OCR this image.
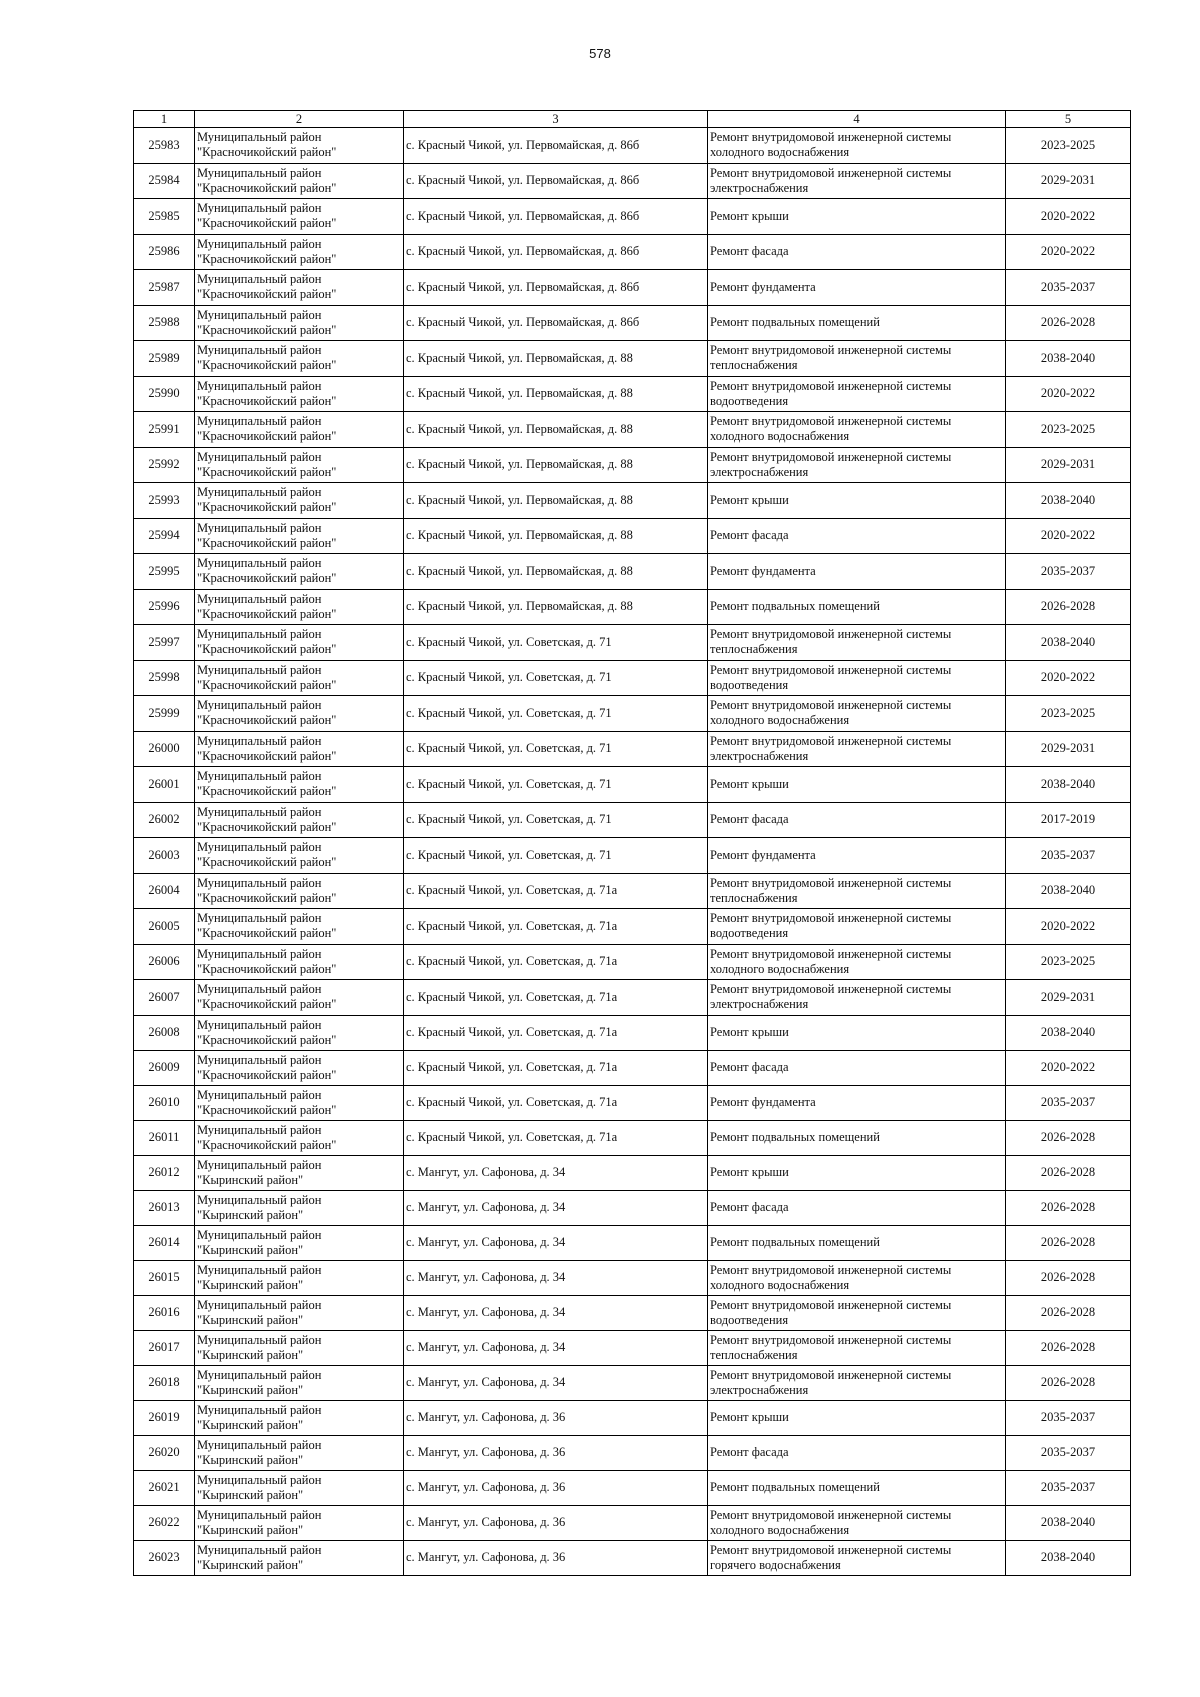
578
1	2	3	4	5
25983	Муниципальный район
"Красночикойский район"	с. Красный Чикой, ул. Первомайская, д. 86б	Ремонт внутридомовой инженерной системы
холодного водоснабжения	2023-2025
25984	Муниципальный район
"Красночикойский район"	с. Красный Чикой, ул. Первомайская, д. 86б	Ремонт внутридомовой инженерной системы
электроснабжения	2029-2031
25985	Муниципальный район
"Красночикойский район"	с. Красный Чикой, ул. Первомайская, д. 86б	Ремонт крыши	2020-2022
25986	Муниципальный район
"Красночикойский район"	с. Красный Чикой, ул. Первомайская, д. 86б	Ремонт фасада	2020-2022
25987	Муниципальный район
"Красночикойский район"	с. Красный Чикой, ул. Первомайская, д. 86б	Ремонт фундамента	2035-2037
25988	Муниципальный район
"Красночикойский район"	с. Красный Чикой, ул. Первомайская, д. 86б	Ремонт подвальных помещений	2026-2028
25989	Муниципальный район
"Красночикойский район"	с. Красный Чикой, ул. Первомайская, д. 88	Ремонт внутридомовой инженерной системы
теплоснабжения	2038-2040
25990	Муниципальный район
"Красночикойский район"	с. Красный Чикой, ул. Первомайская, д. 88	Ремонт внутридомовой инженерной системы
водоотведения	2020-2022
25991	Муниципальный район
"Красночикойский район"	с. Красный Чикой, ул. Первомайская, д. 88	Ремонт внутридомовой инженерной системы
холодного водоснабжения	2023-2025
25992	Муниципальный район
"Красночикойский район"	с. Красный Чикой, ул. Первомайская, д. 88	Ремонт внутридомовой инженерной системы
электроснабжения	2029-2031
25993	Муниципальный район
"Красночикойский район"	с. Красный Чикой, ул. Первомайская, д. 88	Ремонт крыши	2038-2040
25994	Муниципальный район
"Красночикойский район"	с. Красный Чикой, ул. Первомайская, д. 88	Ремонт фасада	2020-2022
25995	Муниципальный район
"Красночикойский район"	с. Красный Чикой, ул. Первомайская, д. 88	Ремонт фундамента	2035-2037
25996	Муниципальный район
"Красночикойский район"	с. Красный Чикой, ул. Первомайская, д. 88	Ремонт подвальных помещений	2026-2028
25997	Муниципальный район
"Красночикойский район"	с. Красный Чикой, ул. Советская, д. 71	Ремонт внутридомовой инженерной системы
теплоснабжения	2038-2040
25998	Муниципальный район
"Красночикойский район"	с. Красный Чикой, ул. Советская, д. 71	Ремонт внутридомовой инженерной системы
водоотведения	2020-2022
25999	Муниципальный район
"Красночикойский район"	с. Красный Чикой, ул. Советская, д. 71	Ремонт внутридомовой инженерной системы
холодного водоснабжения	2023-2025
26000	Муниципальный район
"Красночикойский район"	с. Красный Чикой, ул. Советская, д. 71	Ремонт внутридомовой инженерной системы
электроснабжения	2029-2031
26001	Муниципальный район
"Красночикойский район"	с. Красный Чикой, ул. Советская, д. 71	Ремонт крыши	2038-2040
26002	Муниципальный район
"Красночикойский район"	с. Красный Чикой, ул. Советская, д. 71	Ремонт фасада	2017-2019
26003	Муниципальный район
"Красночикойский район"	с. Красный Чикой, ул. Советская, д. 71	Ремонт фундамента	2035-2037
26004	Муниципальный район
"Красночикойский район"	с. Красный Чикой, ул. Советская, д. 71а	Ремонт внутридомовой инженерной системы
теплоснабжения	2038-2040
26005	Муниципальный район
"Красночикойский район"	с. Красный Чикой, ул. Советская, д. 71а	Ремонт внутридомовой инженерной системы
водоотведения	2020-2022
26006	Муниципальный район
"Красночикойский район"	с. Красный Чикой, ул. Советская, д. 71а	Ремонт внутридомовой инженерной системы
холодного водоснабжения	2023-2025
26007	Муниципальный район
"Красночикойский район"	с. Красный Чикой, ул. Советская, д. 71а	Ремонт внутридомовой инженерной системы
электроснабжения	2029-2031
26008	Муниципальный район
"Красночикойский район"	с. Красный Чикой, ул. Советская, д. 71а	Ремонт крыши	2038-2040
26009	Муниципальный район
"Красночикойский район"	с. Красный Чикой, ул. Советская, д. 71а	Ремонт фасада	2020-2022
26010	Муниципальный район
"Красночикойский район"	с. Красный Чикой, ул. Советская, д. 71а	Ремонт фундамента	2035-2037
26011	Муниципальный район
"Красночикойский район"	с. Красный Чикой, ул. Советская, д. 71а	Ремонт подвальных помещений	2026-2028
26012	Муниципальный район
"Кыринский район"	с. Мангут, ул. Сафонова, д. 34	Ремонт крыши	2026-2028
26013	Муниципальный район
"Кыринский район"	с. Мангут, ул. Сафонова, д. 34	Ремонт фасада	2026-2028
26014	Муниципальный район
"Кыринский район"	с. Мангут, ул. Сафонова, д. 34	Ремонт подвальных помещений	2026-2028
26015	Муниципальный район
"Кыринский район"	с. Мангут, ул. Сафонова, д. 34	Ремонт внутридомовой инженерной системы
холодного водоснабжения	2026-2028
26016	Муниципальный район
"Кыринский район"	с. Мангут, ул. Сафонова, д. 34	Ремонт внутридомовой инженерной системы
водоотведения	2026-2028
26017	Муниципальный район
"Кыринский район"	с. Мангут, ул. Сафонова, д. 34	Ремонт внутридомовой инженерной системы
теплоснабжения	2026-2028
26018	Муниципальный район
"Кыринский район"	с. Мангут, ул. Сафонова, д. 34	Ремонт внутридомовой инженерной системы
электроснабжения	2026-2028
26019	Муниципальный район
"Кыринский район"	с. Мангут, ул. Сафонова, д. 36	Ремонт крыши	2035-2037
26020	Муниципальный район
"Кыринский район"	с. Мангут, ул. Сафонова, д. 36	Ремонт фасада	2035-2037
26021	Муниципальный район
"Кыринский район"	с. Мангут, ул. Сафонова, д. 36	Ремонт подвальных помещений	2035-2037
26022	Муниципальный район
"Кыринский район"	с. Мангут, ул. Сафонова, д. 36	Ремонт внутридомовой инженерной системы
холодного водоснабжения	2038-2040
26023	Муниципальный район
"Кыринский район"	с. Мангут, ул. Сафонова, д. 36	Ремонт внутридомовой инженерной системы
горячего водоснабжения	2038-2040
